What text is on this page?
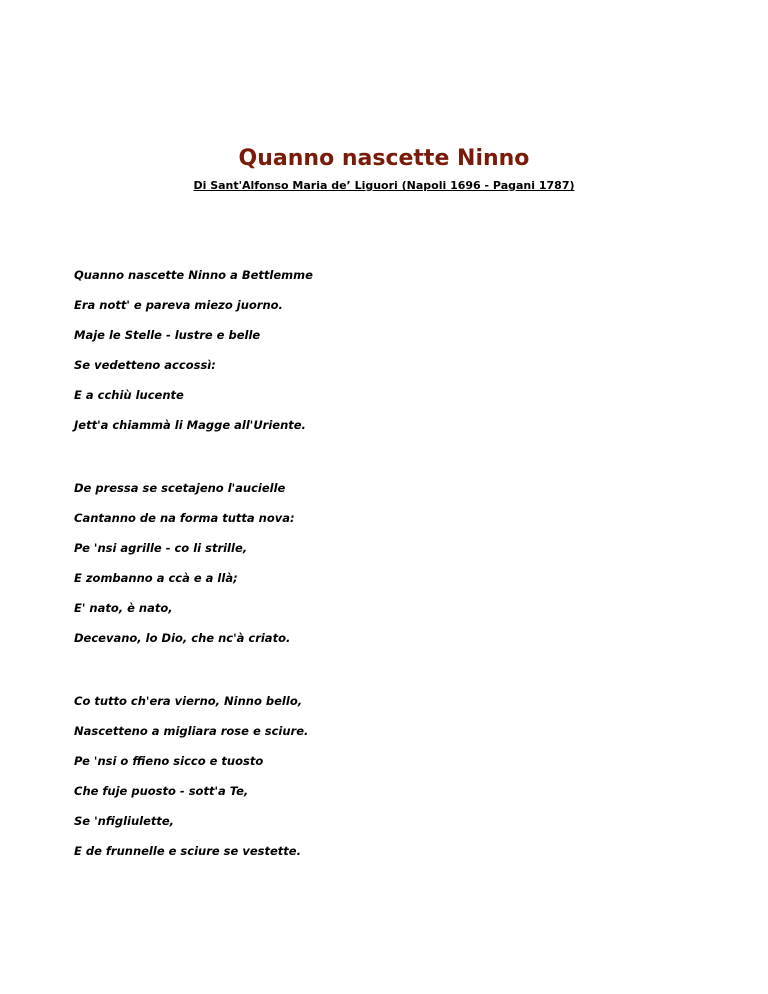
Quanno nascette Ninno

Di Sant'Alfonso Maria de’ Liguori (Napoli 1696 - Pagani 1787)

Quanno nascette Ninno a Bettlemme

Era nott' e pareva miezo juorno.

Maje le Stelle - lustre e belle

Se vedetteno accossì:

E a cchiù lucente

Jett'a chiammà li Magge all'Uriente.

De pressa se scetajeno l'aucielle

Cantanno de na forma tutta nova:

Pe 'nsi agrille - co li strille,

E zombanno a ccà e a llà;

E' nato, è nato,

Decevano, lo Dio, che nc'à criato.

Co tutto ch'era vierno, Ninno bello,

Nascetteno a migliara rose e sciure.

Pe 'nsi o ffieno sicco e tuosto

Che fuje puosto - sott'a Te,

Se 'nfigliulette,

E de frunnelle e sciure se vestette.
